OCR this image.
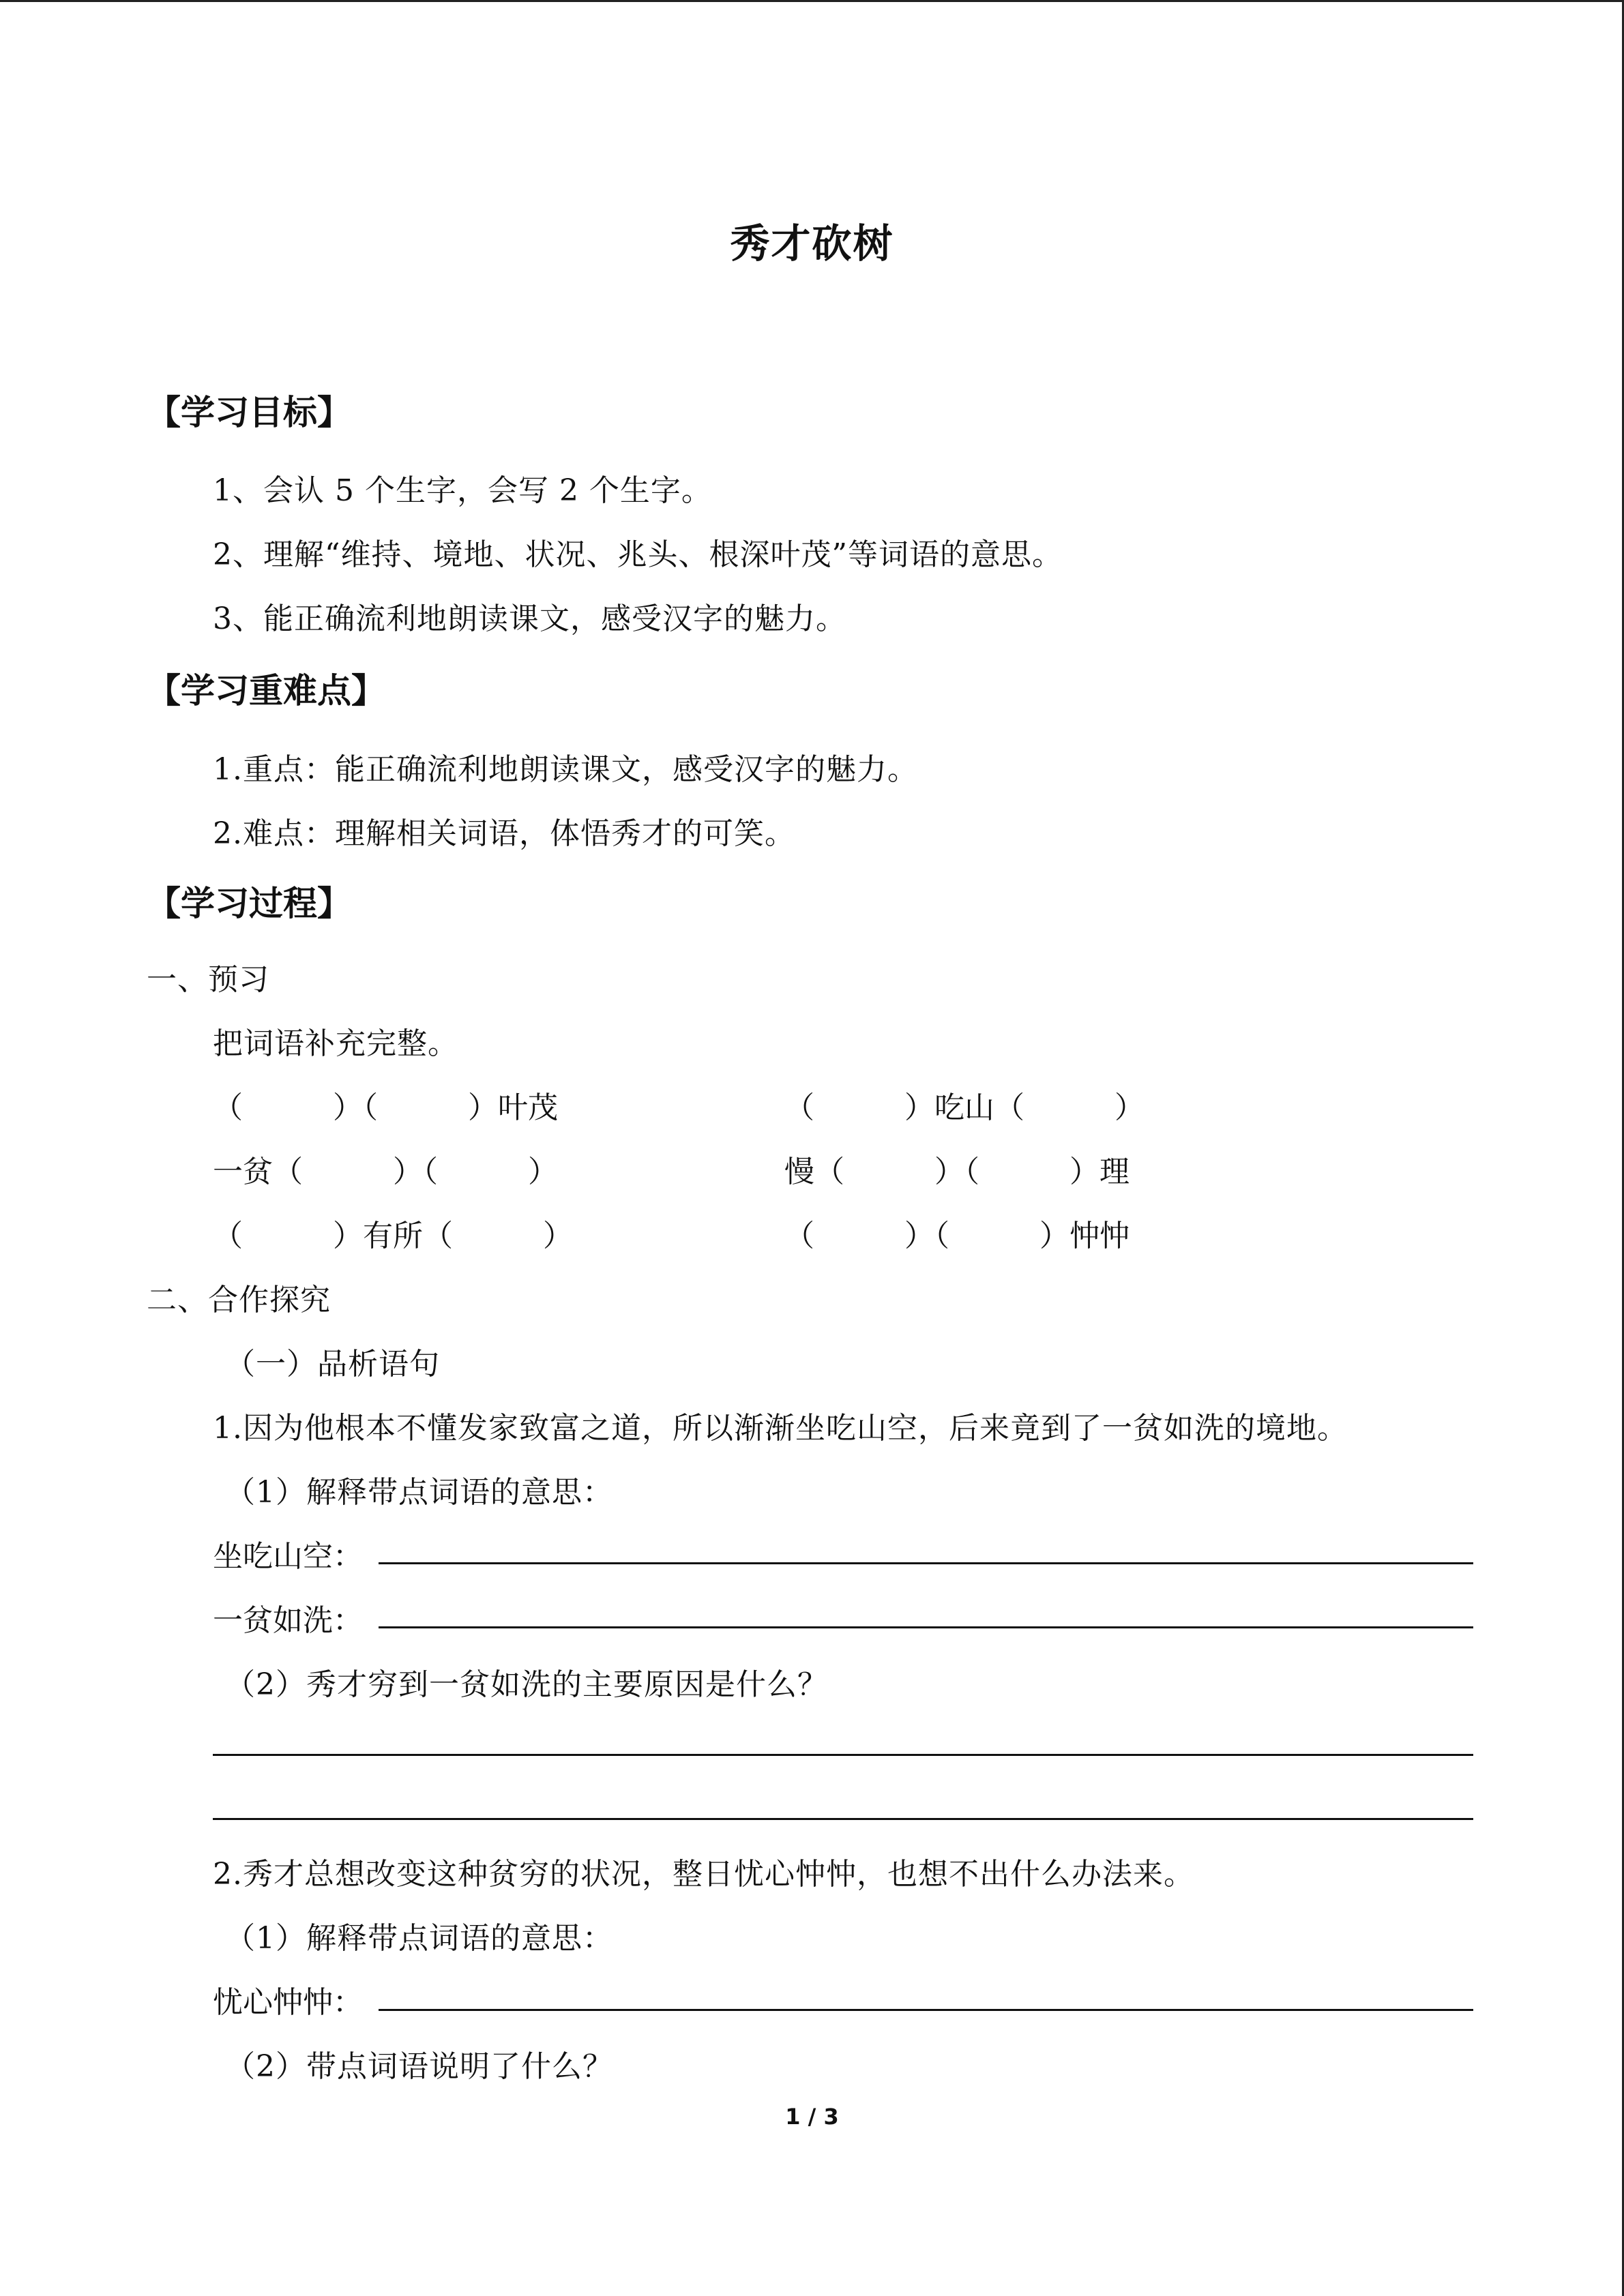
秀才砍树
【学习目标】
1、会认 5 个生字，会写 2 个生字。
2、理解“维持、境地、状况、兆头、根深叶茂”等词语的意思。
3、能正确流利地朗读课文，感受汉字的魅力。
【学习重难点】
1.重点：能正确流利地朗读课文，感受汉字的魅力。
2.难点：理解相关词语，体悟秀才的可笑。
【学习过程】
一、预习
把词语补充完整。
（　　　）（　　　）叶茂	（　　　）吃山（　　　）
一贫（　　　）（　　　）	慢（　　　）（　　　）理
（　　　）有所（　　　）	（　　　）（　　　）忡忡
二、合作探究
（一）品析语句
1.因为他根本不懂发家致富之道，所以渐渐坐吃山空，后来竟到了一贫如洗的境地。
（1）解释带点词语的意思：
坐吃山空：
一贫如洗：
（2）秀才穷到一贫如洗的主要原因是什么？
2.秀才总想改变这种贫穷的状况，整日忧心忡忡，也想不出什么办法来。
（1）解释带点词语的意思：
忧心忡忡：
（2）带点词语说明了什么？
1 / 3
